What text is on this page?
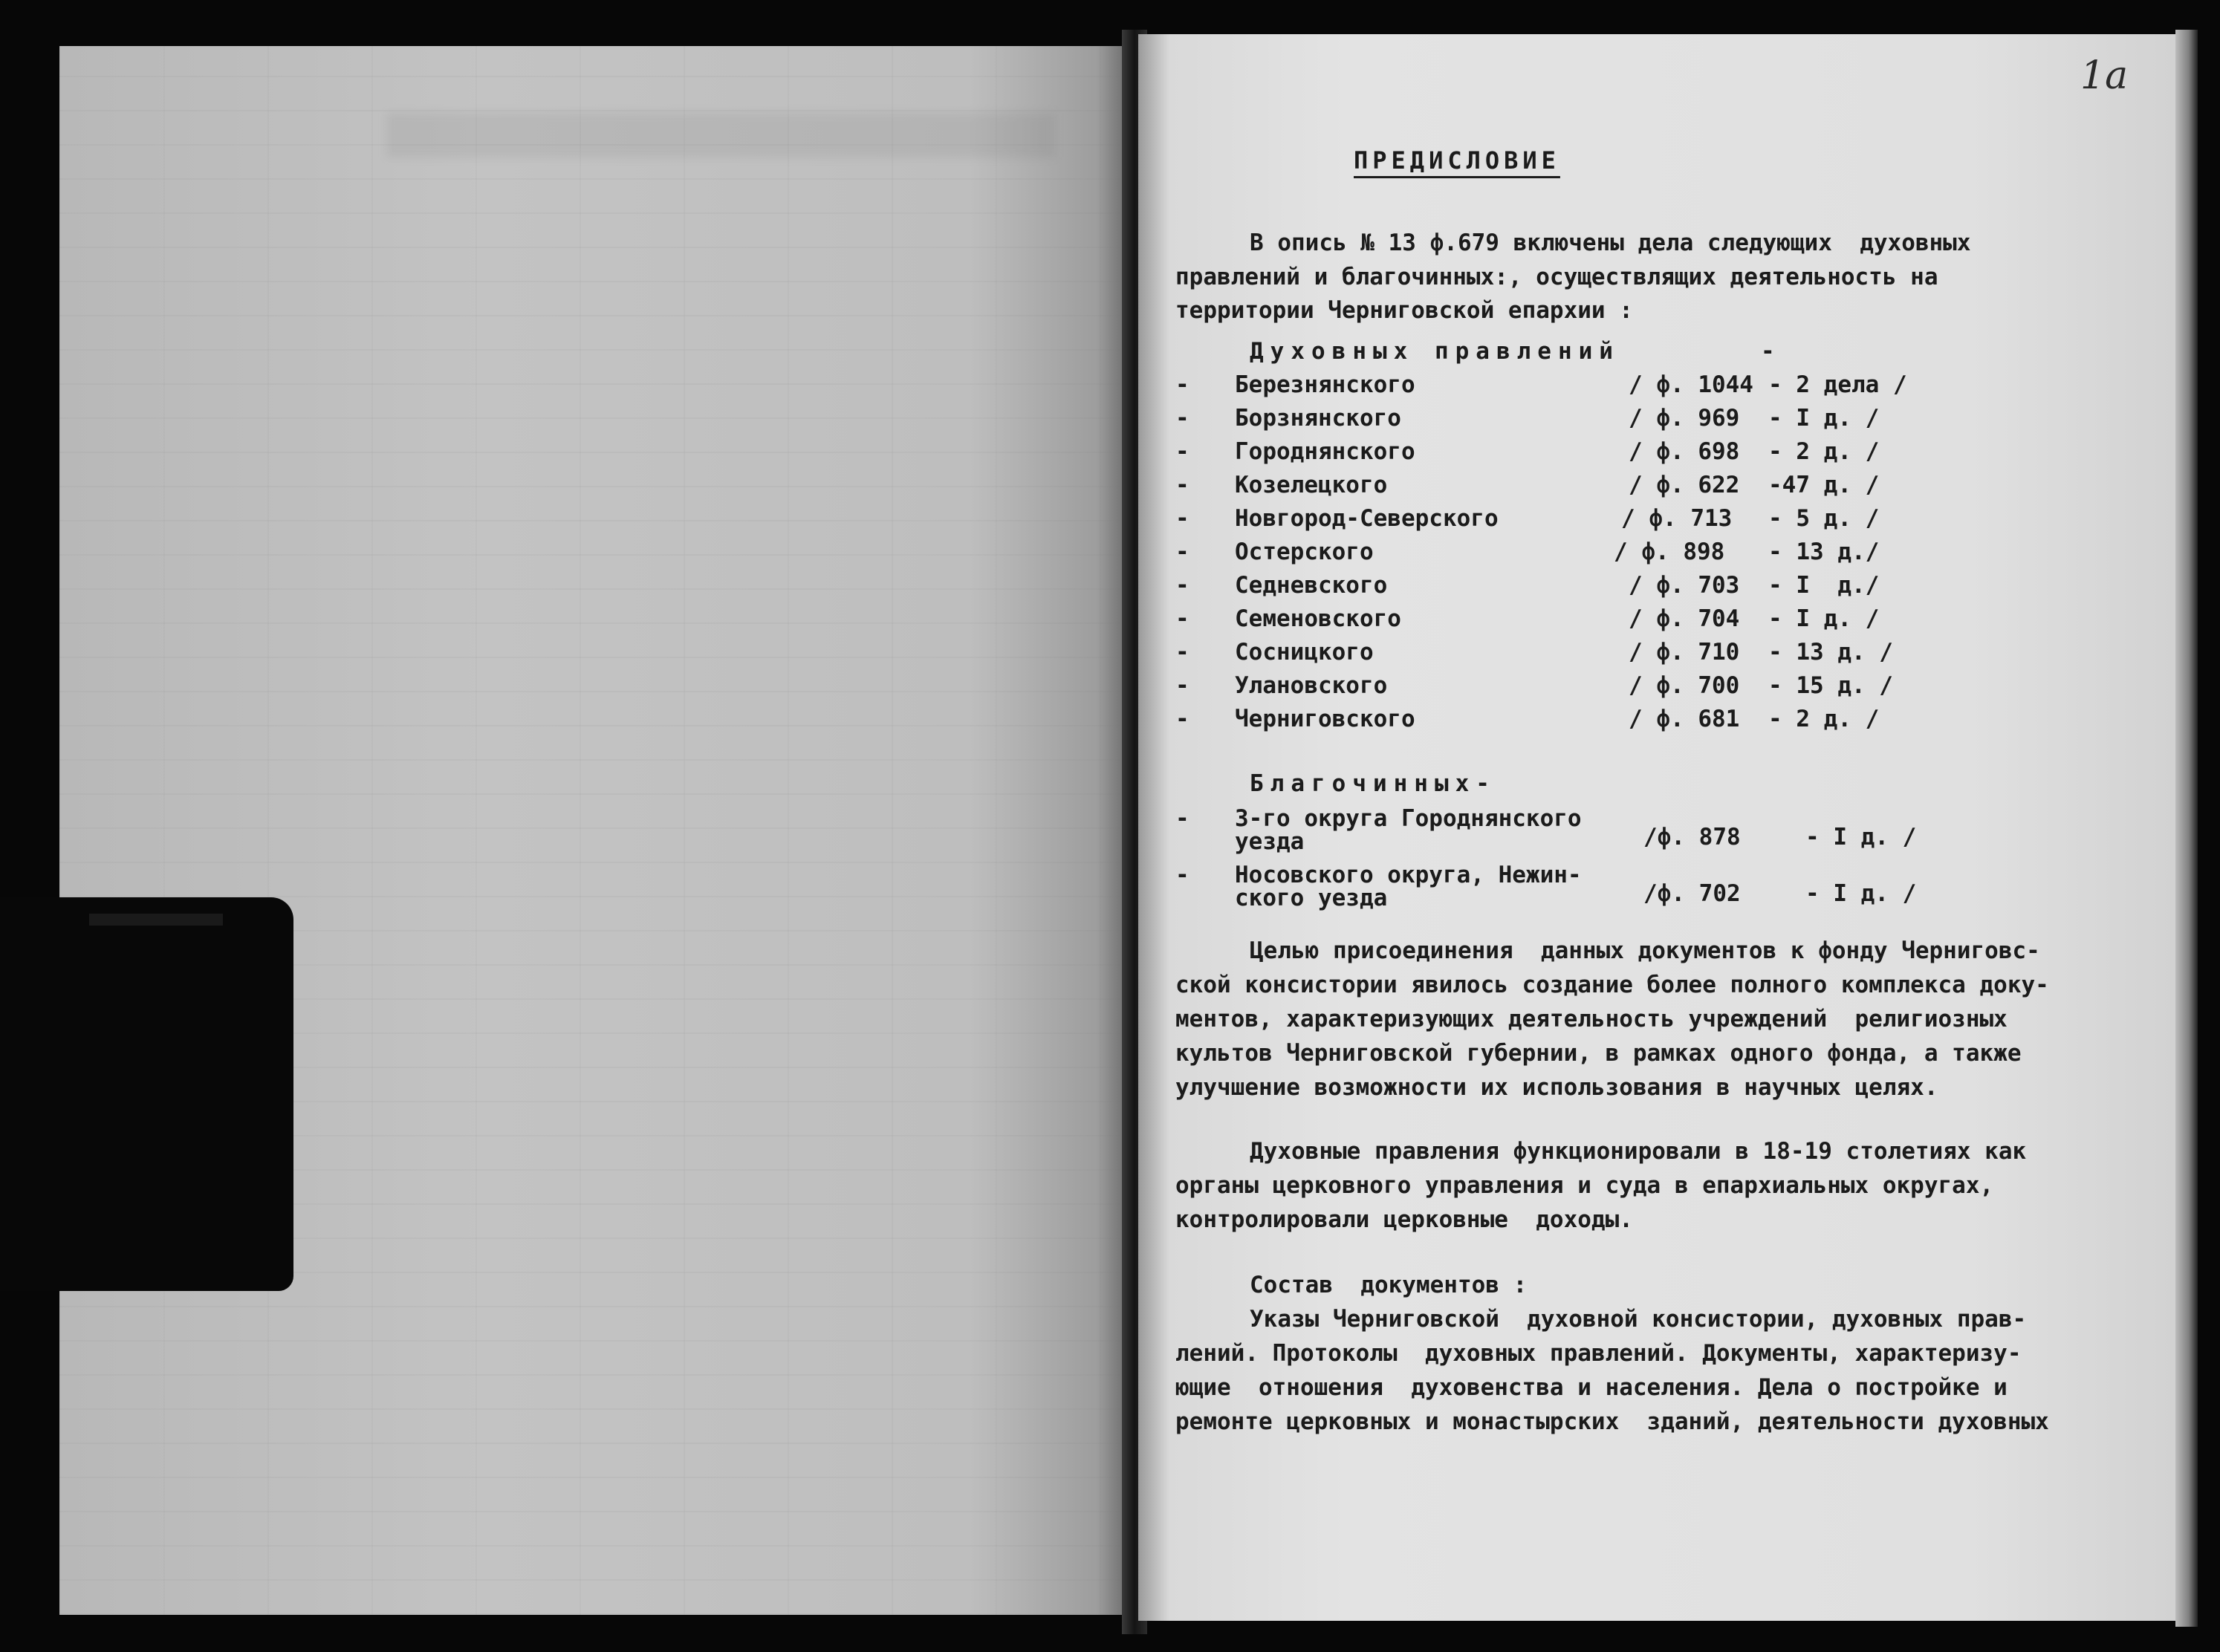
1a
ПРЕДИСЛОВИЕ
В опись № 13 ф.679 включены дела следующих  духовных
правлений и благочинных:, осуществлящих деятельность на
территории Черниговской епархии :
Духовных правлений	-
- Березнянского	/ ф. 1044 - 2 дела /
- Борзнянского	/ ф. 969 - I д. /
- Городнянского	/ ф. 698 - 2 д. /
- Козелецкого	/ ф. 622 -47 д. /
- Новгород-Северского	/ ф. 713 - 5 д. /
- Остерского	/ ф. 898 - 13 д./
- Седневского	/ ф. 703 - I  д./
- Семеновского	/ ф. 704 - I д. /
- Сосницкого	/ ф. 710 - 13 д. /
- Улановского	/ ф. 700 - 15 д. /
- Черниговского	/ ф. 681 - 2 д. /
Благочинных-
- 3-го округа Городнянского
уезда	/ф. 878	- I д. /
- Носовского округа, Нежин-
ского уезда	/ф. 702	- I д. /
Целью присоединения  данных документов к фонду Черниговс-
ской консистории явилось создание более полного комплекса доку-
ментов, характеризующих деятельность учреждений  религиозных
культов Черниговской губернии, в рамках одного фонда, а также
улучшение возможности их использования в научных целях.
Духовные правления функционировали в 18-19 столетиях как
органы церковного управления и суда в епархиальных округах,
контролировали церковные  доходы.
Состав  документов :
Указы Черниговской  духовной консистории, духовных прав-
лений. Протоколы  духовных правлений. Документы, характеризу-
ющие  отношения  духовенства и населения. Дела о постройке и
ремонте церковных и монастырских  зданий, деятельности духовных
